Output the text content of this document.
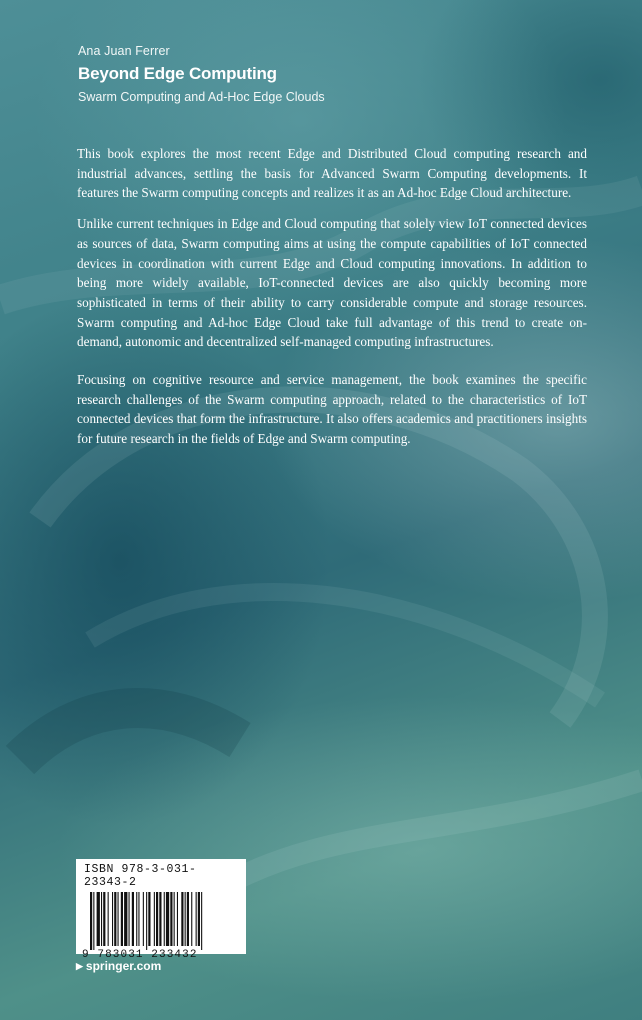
Ana Juan Ferrer

Beyond Edge Computing

Swarm Computing and Ad-Hoc Edge Clouds

This book explores the most recent Edge and Distributed Cloud computing research and industrial advances, settling the basis for Advanced Swarm Computing developments. It features the Swarm computing concepts and realizes it as an Ad-hoc Edge Cloud architecture.

Unlike current techniques in Edge and Cloud computing that solely view IoT connected devices as sources of data, Swarm computing aims at using the compute capabilities of IoT connected devices in coordination with current Edge and Cloud computing innovations. In addition to being more widely available, IoT-connected devices are also quickly becoming more sophisticated in terms of their ability to carry considerable compute and storage resources. Swarm computing and Ad-hoc Edge Cloud take full advantage of this trend to create on-demand, autonomic and decentralized self-managed computing infrastructures.

Focusing on cognitive resource and service management, the book examines the specific research challenges of the Swarm computing approach, related to the characteristics of IoT connected devices that form the infrastructure. It also offers academics and practitioners insights for future research in the fields of Edge and Swarm computing.

ISBN 978-3-031-23343-2
9 783031 233432
▶ springer.com
